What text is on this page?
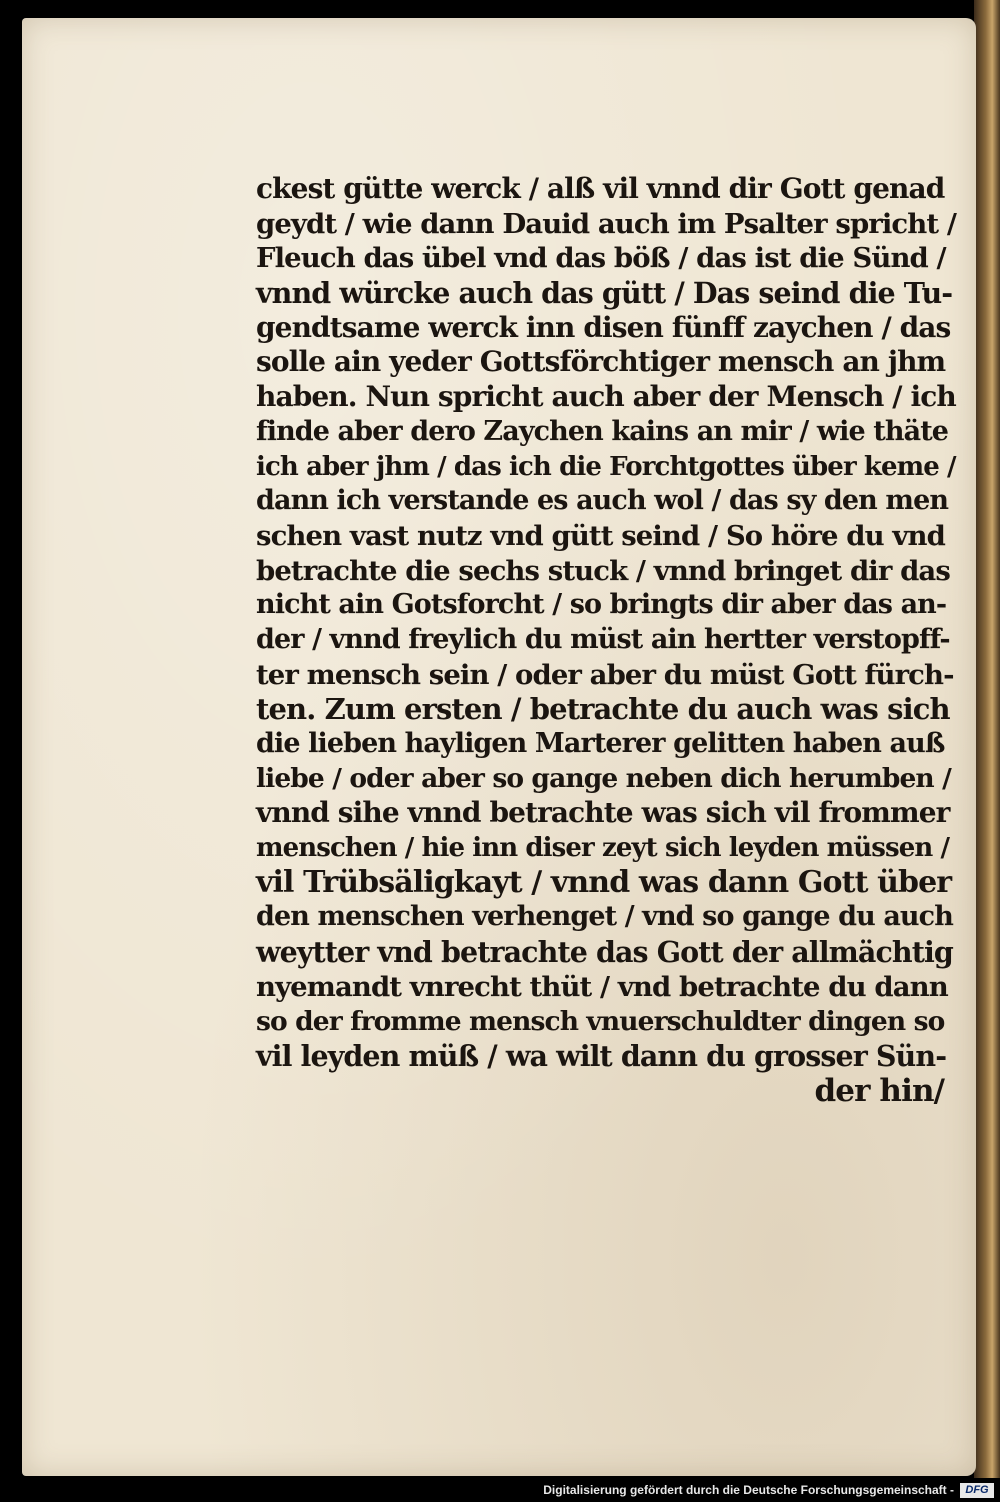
ckest gütte werck / alß vil vnnd dir Gott genad
geydt / wie dann Dauid auch im Psalter spricht /
Fleuch das übel vnd das böß / das ist die Sünd /
vnnd würcke auch das gütt / Das seind die Tu-
gendtsame werck inn disen fünff zaychen / das
solle ain yeder Gottsförchtiger mensch an jhm
haben. Nun spricht auch aber der Mensch / ich
finde aber dero Zaychen kains an mir / wie thäte
ich aber jhm / das ich die Forchtgottes über keme /
dann ich verstande es auch wol / das sy den men
schen vast nutz vnd gütt seind / So höre du vnd
betrachte die sechs stuck / vnnd bringet dir das
nicht ain Gotsforcht / so bringts dir aber das an-
der / vnnd freylich du müst ain hertter verstopff-
ter mensch sein / oder aber du müst Gott fürch-
ten. Zum ersten / betrachte du auch was sich
die lieben hayligen Marterer gelitten haben auß
liebe / oder aber so gange neben dich herumben /
vnnd sihe vnnd betrachte was sich vil frommer
menschen / hie inn diser zeyt sich leyden müssen /
vil Trübsäligkayt / vnnd was dann Gott über
den menschen verhenget / vnd so gange du auch
weytter vnd betrachte das Gott der allmächtig
nyemandt vnrecht thüt / vnd betrachte du dann
so der fromme mensch vnuerschuldter dingen so
vil leyden müß / wa wilt dann du grosser Sün-
der hin/
Digitalisierung gefördert durch die Deutsche Forschungsgemeinschaft -	DFG
